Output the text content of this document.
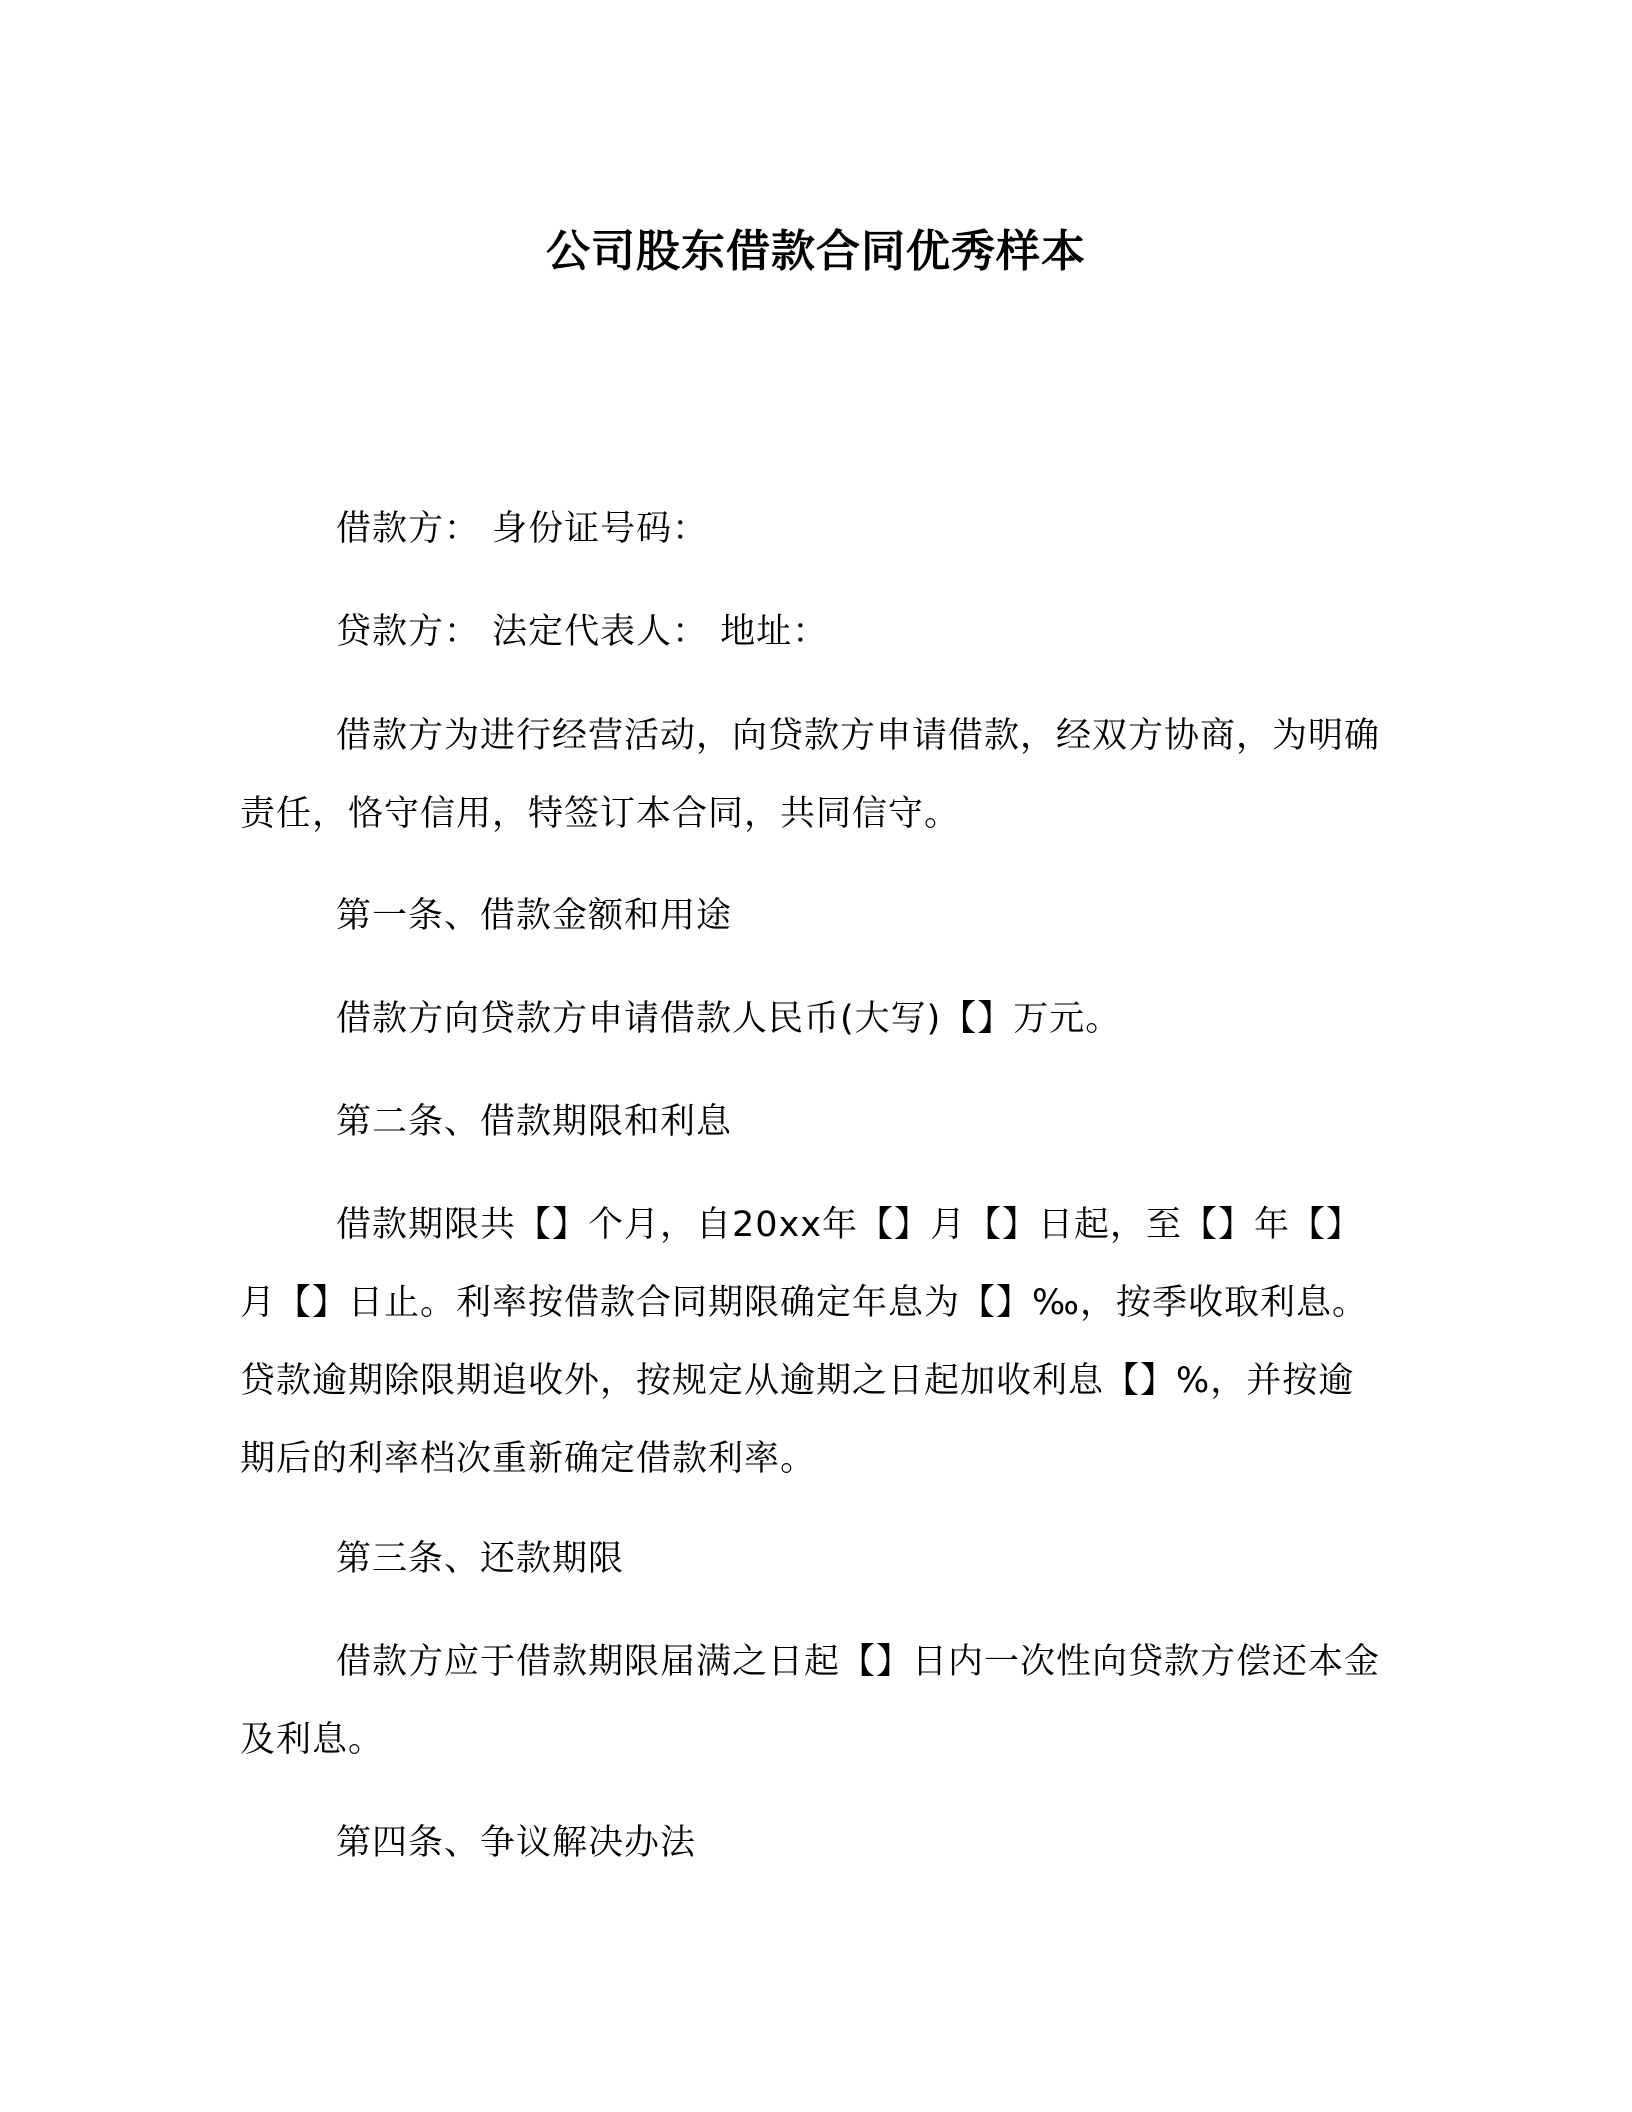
公司股东借款合同优秀样本

借款方： 身份证号码：

贷款方： 法定代表人： 地址：

借款方为进行经营活动，向贷款方申请借款，经双方协商，为明确责任，恪守信用，特签订本合同，共同信守。

第一条、借款金额和用途

借款方向贷款方申请借款人民币(大写)【】万元。

第二条、借款期限和利息

借款期限共【】个月，自20xx年【】月【】日起，至【】年【】月【】日止。利率按借款合同期限确定年息为【】‰，按季收取利息。贷款逾期除限期追收外，按规定从逾期之日起加收利息【】%，并按逾期后的利率档次重新确定借款利率。

第三条、还款期限

借款方应于借款期限届满之日起【】日内一次性向贷款方偿还本金及利息。

第四条、争议解决办法
